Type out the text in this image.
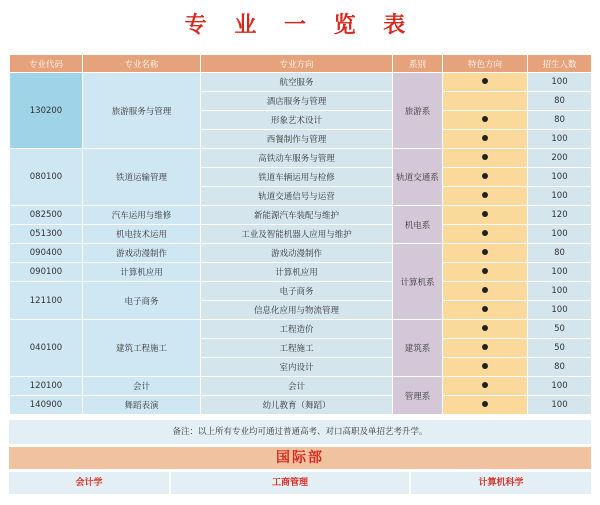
专 业 一 览 表
专业代码	专业名称	专业方向	系别	特色方向	招生人数
130200	旅游服务与管理	航空服务	旅游系		100
		酒店服务与管理			80
		形象艺术设计			80
		西餐制作与管理			100
080100	铁道运输管理	高铁动车服务与管理	轨道交通系		200
		铁道车辆运用与检修			100
		轨道交通信号与运营			100
082500	汽车运用与维修	新能源汽车装配与维护	机电系		120
051300	机电技术运用	工业及智能机器人应用与维护			100
090400	游戏动漫制作	游戏动漫制作	计算机系		80
090100	计算机应用	计算机应用			100
121100	电子商务	电子商务			100
		信息化应用与物流管理			100
040100	建筑工程施工	工程造价	建筑系		50
		工程施工			50
		室内设计			80
120100	会计	会计	管理系		100
140900	舞蹈表演	幼儿教育（舞蹈）			100
备注：以上所有专业均可通过普通高考、对口高职及单招艺考升学。
国际部
会计学	工商管理	计算机科学
